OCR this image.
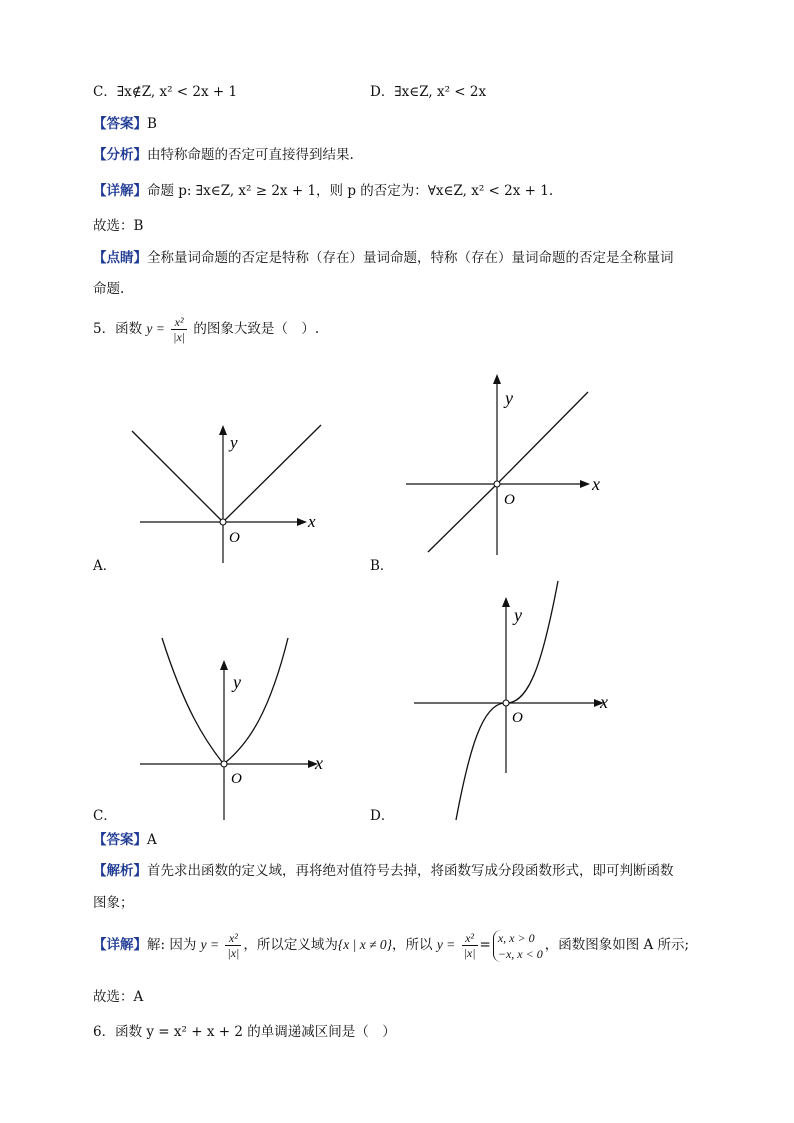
C．∃x∉Z, x² < 2x + 1	D．∃x∈Z, x² < 2x
【答案】B
【分析】由特称命题的否定可直接得到结果.
【详解】命题 p: ∃x∈Z, x² ≥ 2x + 1，则 p 的否定为：∀x∈Z, x² < 2x + 1.
故选：B
【点睛】全称量词命题的否定是特称（存在）量词命题，特称（存在）量词命题的否定是全称量词
命题.
5．函数 $y = \frac{\text{x²}}{|x|}$ 的图象大致是（　）.
y
x
O
A．
y
x
O
B．
y
x
O
C．
y
x
O
D．
【答案】A
【解析】首先求出函数的定义域，再将绝对值符号去掉，将函数写成分段函数形式，即可判断函数
图象；
【详解】解: 因为 $y = \frac{\text{x²}}{|x|}$ ，所以定义域为{x | x ≠ 0}，所以 $y = \frac{\text{x²}}{|x|} = x$, x > 0
−x, x < 0
，函数图象如图 A 所示;
故选：A
6．函数 y = x² + x + 2 的单调递减区间是（　）
